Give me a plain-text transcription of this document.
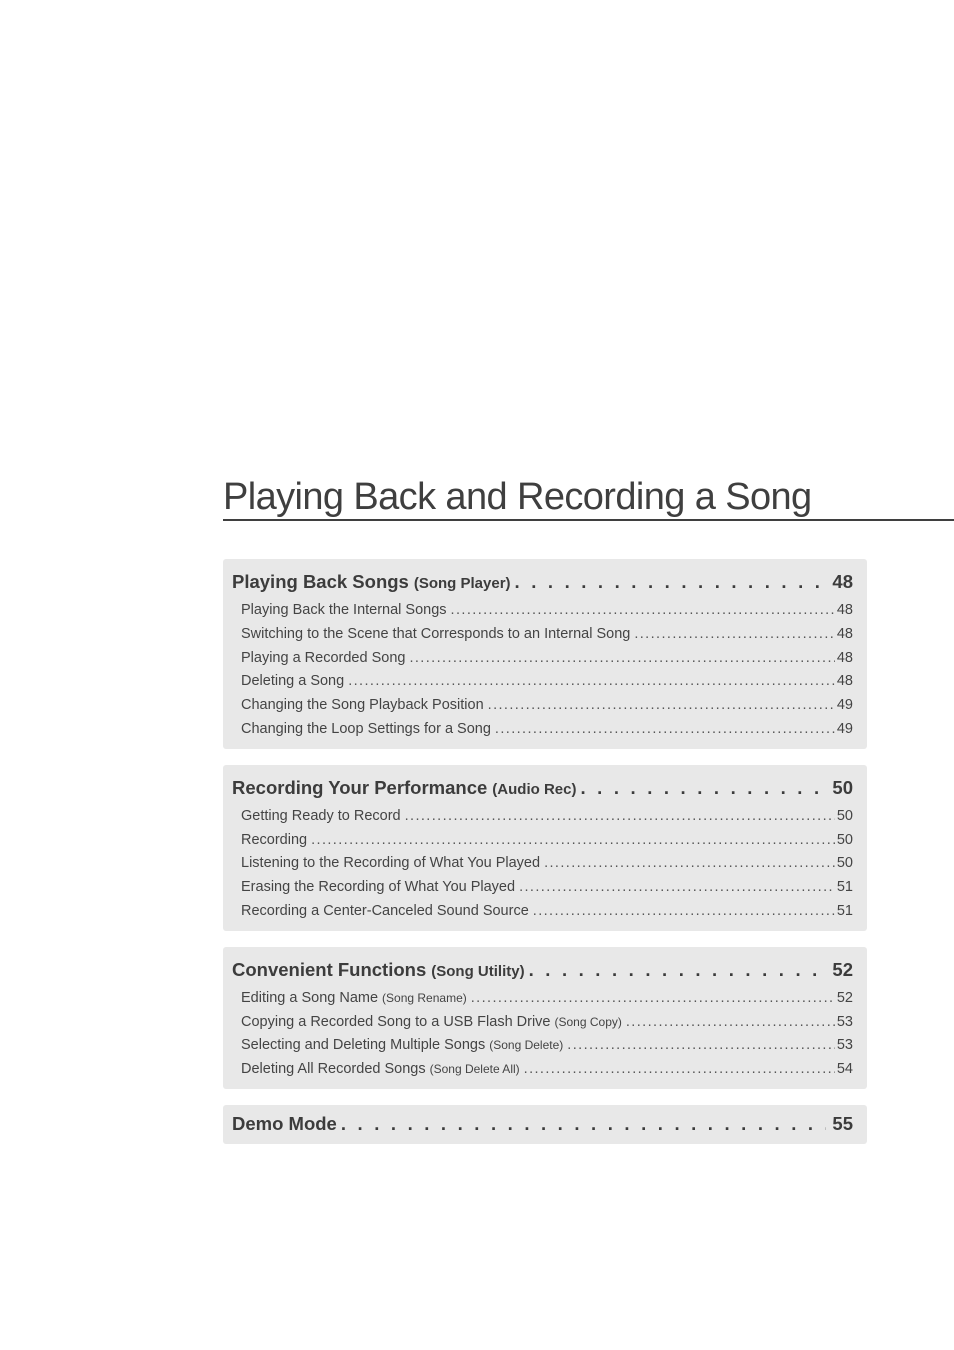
Playing Back and Recording a Song
Playing Back Songs (Song Player) . . .	48
Playing Back the Internal Songs .....	48
Switching to the Scene that Corresponds to an Internal Song .....	48
Playing a Recorded Song .....	48
Deleting a Song .....	48
Changing the Song Playback Position .....	49
Changing the Loop Settings for a Song .....	49
Recording Your Performance (Audio Rec) . . .	50
Getting Ready to Record .....	50
Recording .....	50
Listening to the Recording of What You Played .....	50
Erasing the Recording of What You Played .....	51
Recording a Center-Canceled Sound Source .....	51
Convenient Functions (Song Utility) . . .	52
Editing a Song Name (Song Rename) .....	52
Copying a Recorded Song to a USB Flash Drive (Song Copy) .....	53
Selecting and Deleting Multiple Songs (Song Delete) .....	53
Deleting All Recorded Songs (Song Delete All) .....	54
Demo Mode . . .	55
